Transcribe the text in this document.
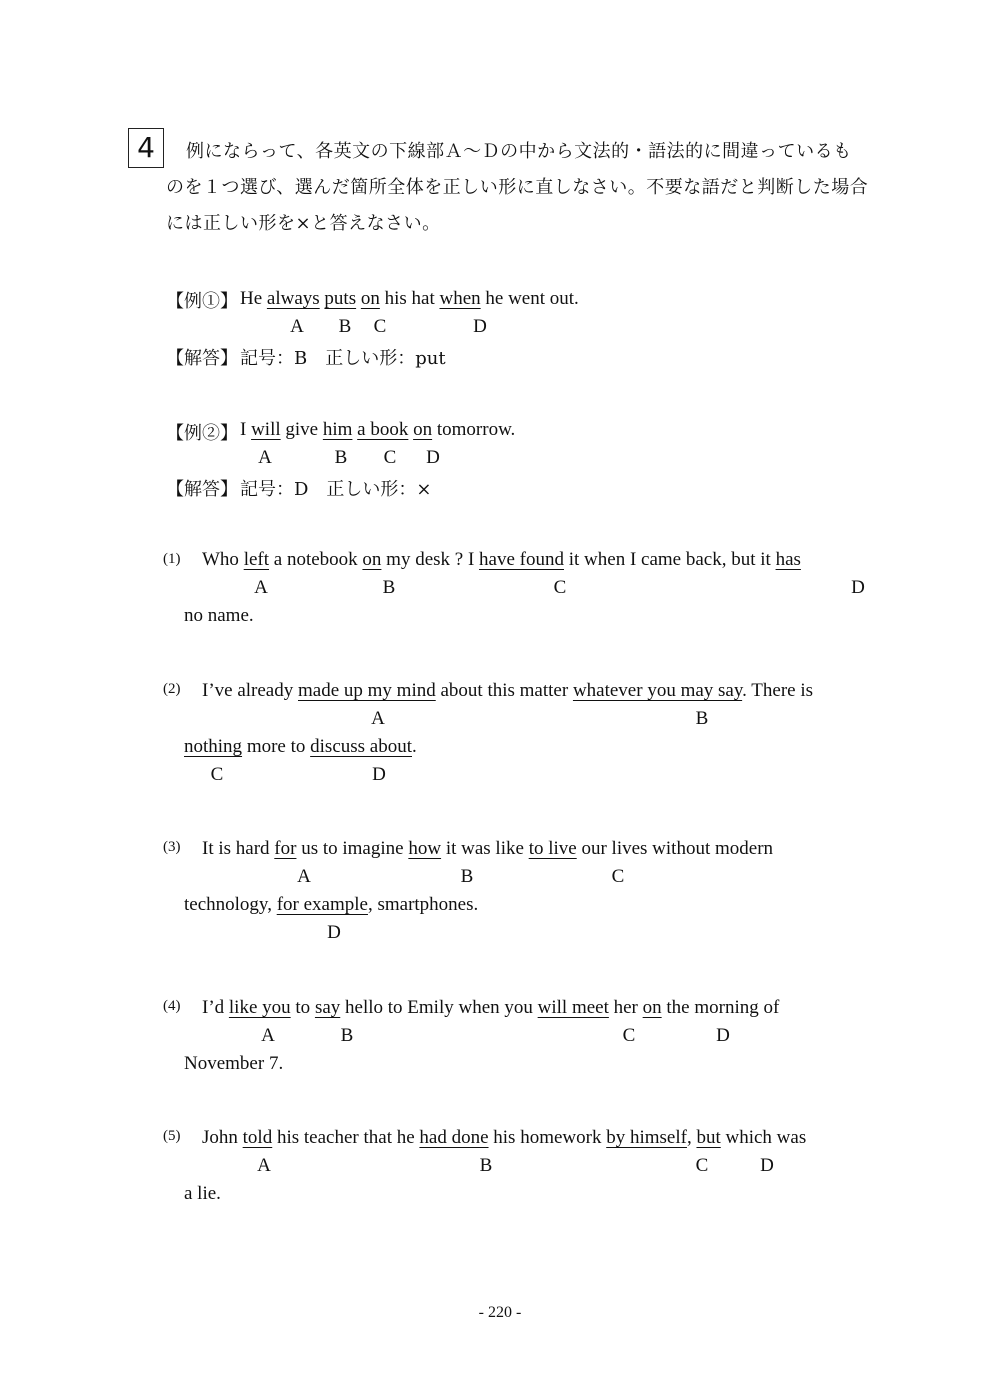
4	例にならって、各英文の下線部Ａ～Ｄの中から文法的・語法的に間違っているも
のを１つ選び、選んだ箇所全体を正しい形に直しなさい。不要な語だと判断した場合
には正しい形を×と答えなさい。
【例①】 He always puts on his hat when he went out.
A B C	D
【解答】 記号：B　正しい形：put
【例②】 I will give him a book on tomorrow.
A	B C D
【解答】 記号：D　正しい形：×
(1) Who left a notebook on my desk ? I have found it when I came back, but it has
A	B	C	D
no name.
(2) I’ve already made up my mind about this matter whatever you may say. There is
A	B
nothing more to discuss about.
C	D
(3) It is hard for us to imagine how it was like to live our lives without modern
A	B	C
technology, for example, smartphones.
D
(4) I’d like you to say hello to Emily when you will meet her on the morning of
A	B	C	D
November 7.
(5) John told his teacher that he had done his homework by himself, but which was
A	B	C	D
a lie.
- 220 -
